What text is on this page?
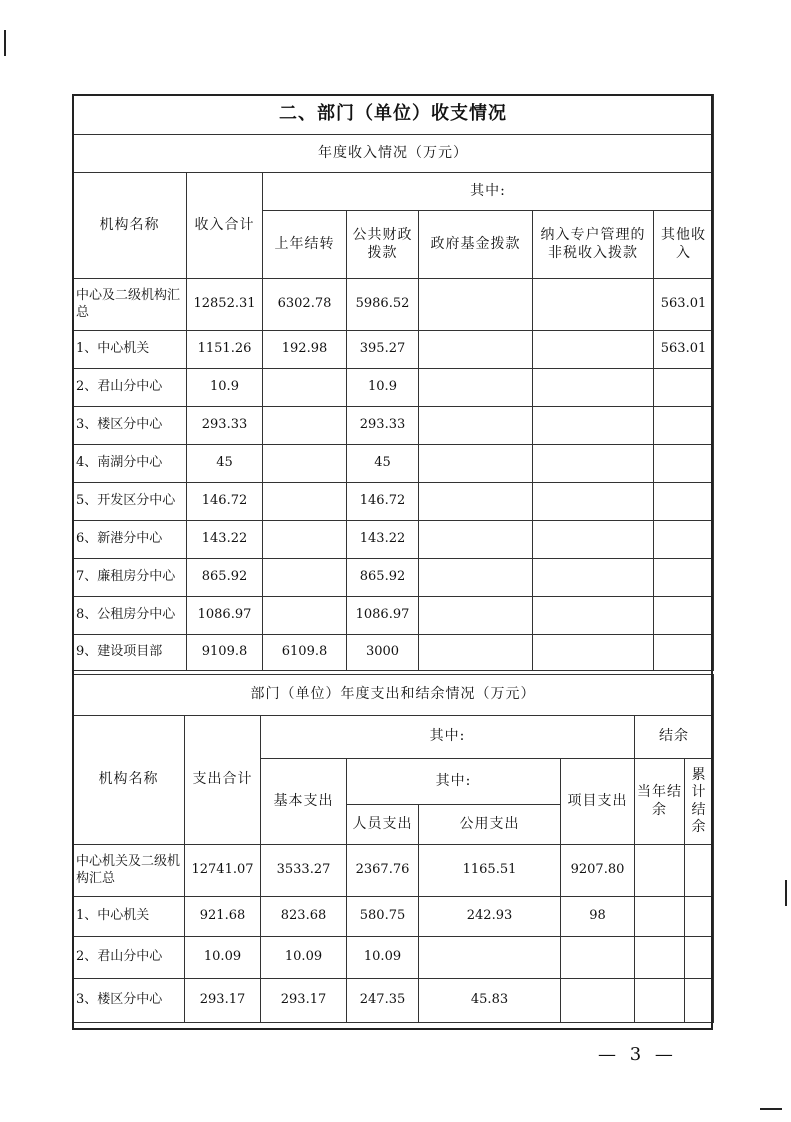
二、部门（单位）收支情况						
年度收入情况（万元）						
机构名称	收入合计	其中:				
		上年结转	公共财政拨款	政府基金拨款	纳入专户管理的非税收入拨款	其他收入
中心及二级机构汇总	12852.31	6302.78	5986.52			563.01
1、中心机关	1151.26	192.98	395.27			563.01
2、君山分中心	10.9		10.9			
3、楼区分中心	293.33		293.33			
4、南湖分中心	45		45			
5、开发区分中心	146.72		146.72			
6、新港分中心	143.22		143.22			
7、廉租房分中心	865.92		865.92			
8、公租房分中心	1086.97		1086.97			
9、建设项目部	9109.8	6109.8	3000			
部门（单位）年度支出和结余情况（万元）							
机构名称	支出合计	其中:				结余	
		基本支出	其中:		项目支出	当年结余	累计结余
			人员支出	公用支出			
中心机关及二级机构汇总	12741.07	3533.27	2367.76	1165.51	9207.80		
1、中心机关	921.68	823.68	580.75	242.93	98		
2、君山分中心	10.09	10.09	10.09				
3、楼区分中心	293.17	293.17	247.35	45.83			
— 3 —
